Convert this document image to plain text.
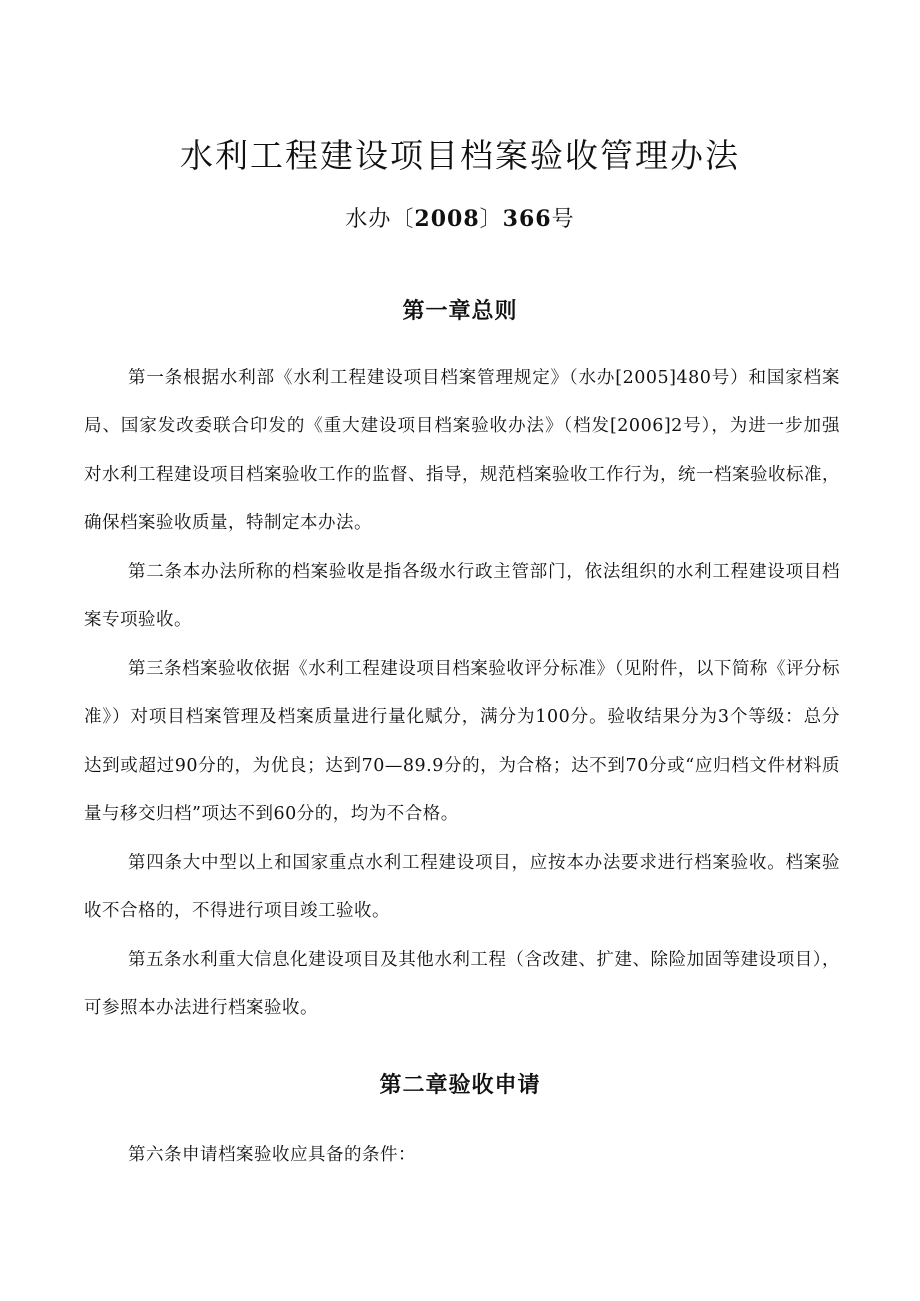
水利工程建设项目档案验收管理办法
水办〔2008〕366号
第一章总则

第一条根据水利部《水利工程建设项目档案管理规定》（水办[2005]480号）和国家档案局、国家发改委联合印发的《重大建设项目档案验收办法》（档发[2006]2号），为进一步加强对水利工程建设项目档案验收工作的监督、指导，规范档案验收工作行为，统一档案验收标准，确保档案验收质量，特制定本办法。

第二条本办法所称的档案验收是指各级水行政主管部门，依法组织的水利工程建设项目档案专项验收。

第三条档案验收依据《水利工程建设项目档案验收评分标准》（见附件，以下简称《评分标准》）对项目档案管理及档案质量进行量化赋分，满分为100分。验收结果分为3个等级：总分达到或超过90分的，为优良；达到70—89.9分的，为合格；达不到70分或“应归档文件材料质量与移交归档”项达不到60分的，均为不合格。

第四条大中型以上和国家重点水利工程建设项目，应按本办法要求进行档案验收。档案验收不合格的，不得进行项目竣工验收。

第五条水利重大信息化建设项目及其他水利工程（含改建、扩建、除险加固等建设项目），可参照本办法进行档案验收。

第二章验收申请

第六条申请档案验收应具备的条件：
